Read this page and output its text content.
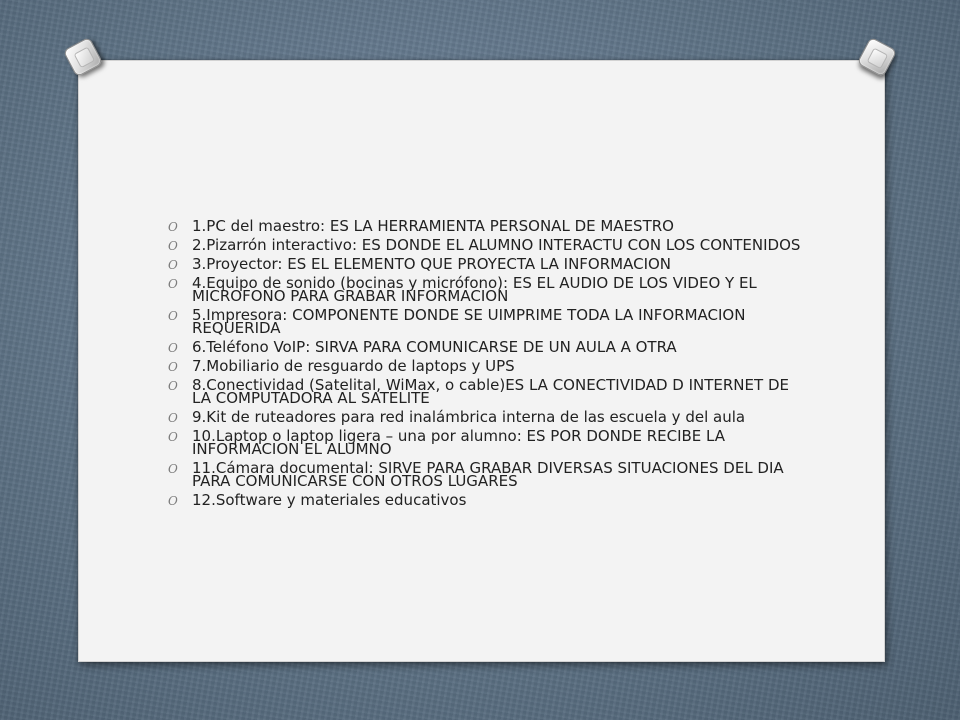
O 1.PC del maestro: ES LA HERRAMIENTA PERSONAL DE MAESTRO
O 2.Pizarrón interactivo: ES DONDE EL ALUMNO INTERACTU CON LOS CONTENIDOS
O 3.Proyector: ES EL ELEMENTO QUE PROYECTA LA INFORMACION
O 4.Equipo de sonido (bocinas y micrófono): ES EL AUDIO DE LOS VIDEO Y EL MICROFONO PARA GRABAR INFORMACION
O 5.Impresora: COMPONENTE DONDE SE UIMPRIME TODA LA INFORMACION REQUERIDA
O 6.Teléfono VoIP: SIRVA PARA COMUNICARSE DE UN AULA A OTRA
O 7.Mobiliario de resguardo de laptops y UPS
O 8.Conectividad (Satelital, WiMax, o cable)ES LA CONECTIVIDAD D INTERNET DE LA COMPUTADORA AL SATELITE
O 9.Kit de ruteadores para red inalámbrica interna de las escuela y del aula
O 10.Laptop o laptop ligera – una por alumno: ES POR DONDE RECIBE LA INFORMACION EL ALUMNO
O 11.Cámara documental: SIRVE PARA GRABAR DIVERSAS SITUACIONES DEL DIA PARA COMUNICARSE CON OTROS LUGARES
O 12.Software y materiales educativos
